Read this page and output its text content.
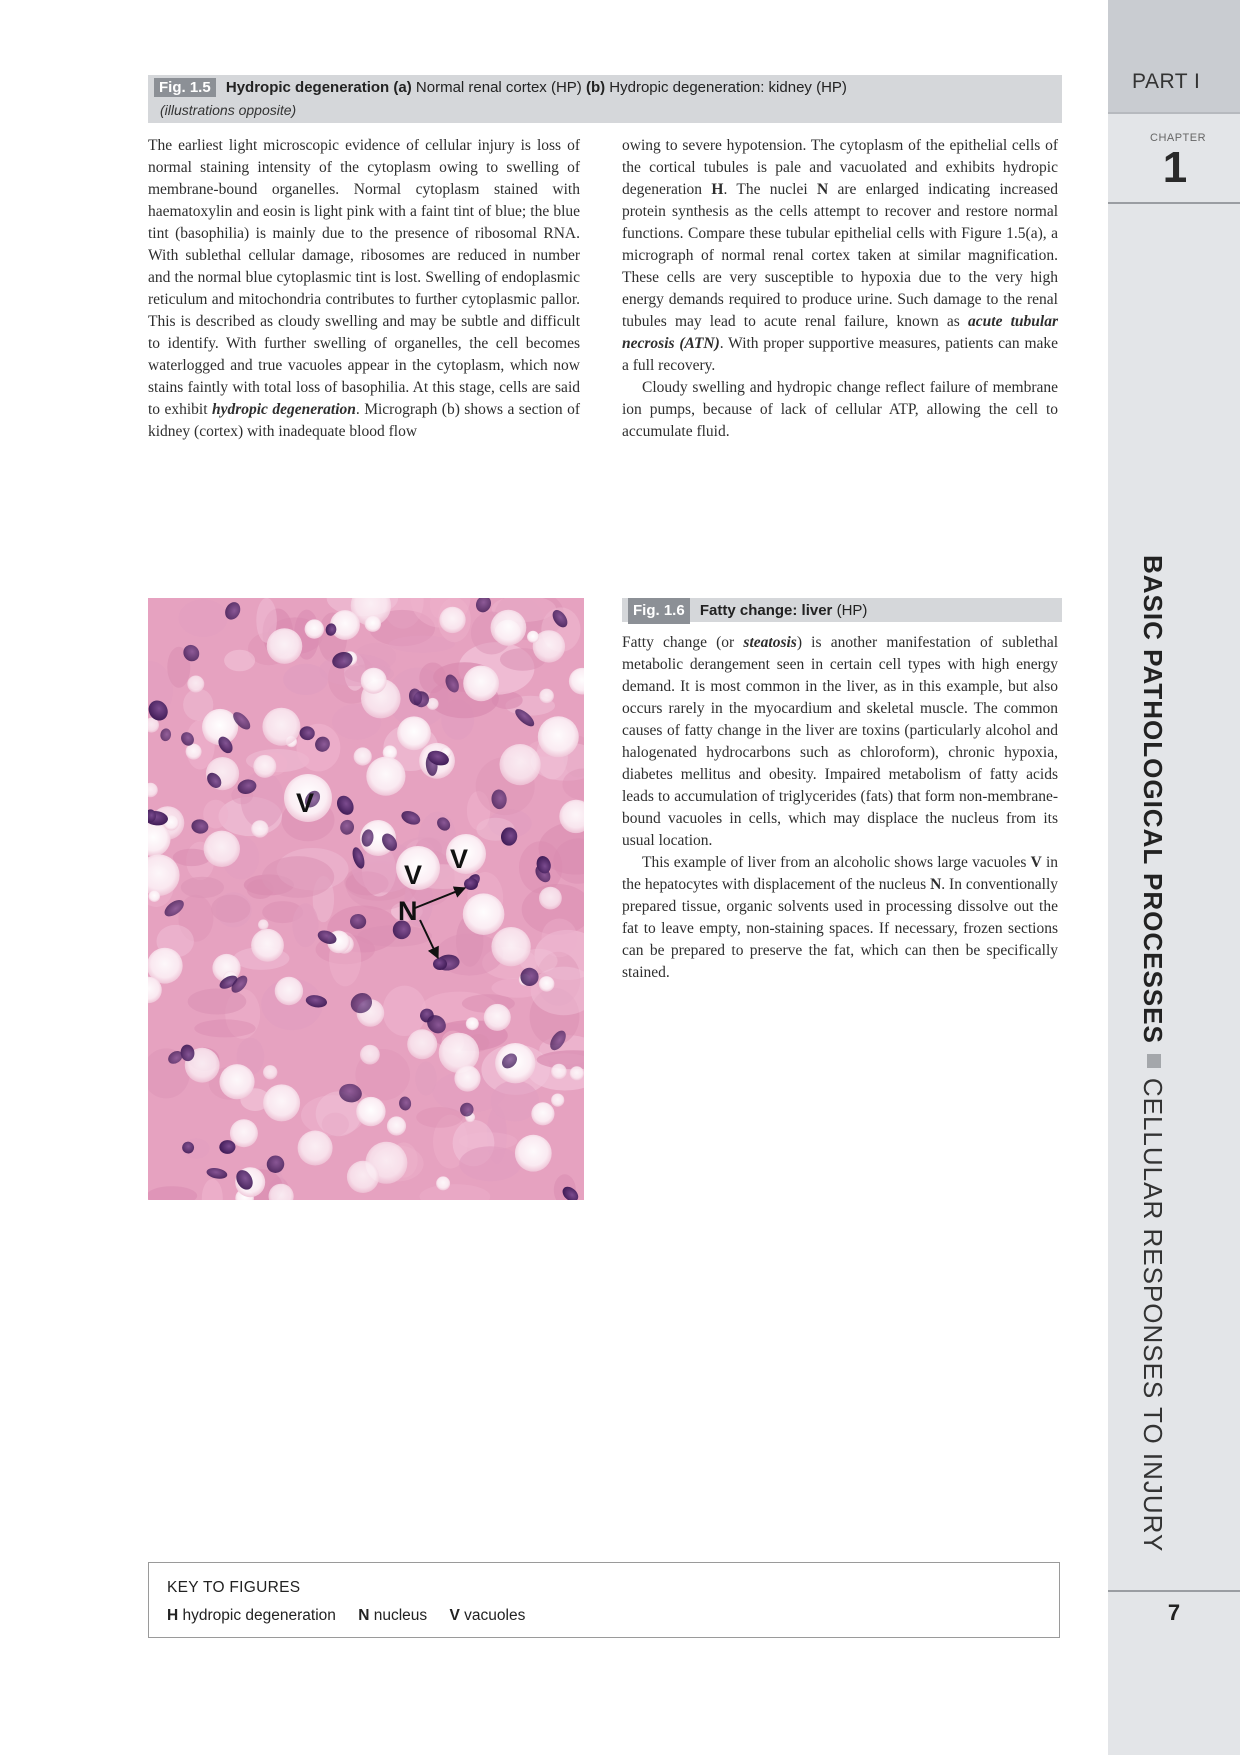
PART I
CHAPTER
1
BASIC PATHOLOGICAL PROCESSESCELLULAR RESPONSES TO INJURY
7
Fig. 1.5 Hydropic degeneration (a) Normal renal cortex (HP) (b) Hydropic degeneration: kidney (HP)
(illustrations opposite)

The earliest light microscopic evidence of cellular injury is loss of normal staining intensity of the cytoplasm owing to swelling of membrane-bound organelles. Normal cytoplasm stained with haematoxylin and eosin is light pink with a faint tint of blue; the blue tint (basophilia) is mainly due to the presence of ribosomal RNA. With sublethal cellular damage, ribosomes are reduced in number and the normal blue cytoplasmic tint is lost. Swelling of endoplasmic reticulum and mitochondria contributes to further cytoplasmic pallor. This is described as cloudy swelling and may be subtle and difficult to identify. With further swelling of organelles, the cell becomes waterlogged and true vacuoles appear in the cytoplasm, which now stains faintly with total loss of basophilia. At this stage, cells are said to exhibit hydropic degeneration. Micrograph (b) shows a section of kidney (cortex) with inadequate blood flow

owing to severe hypotension. The cytoplasm of the epithelial cells of the cortical tubules is pale and vacuolated and exhibits hydropic degeneration H. The nuclei N are enlarged indicating increased protein synthesis as the cells attempt to recover and restore normal functions. Compare these tubular epithelial cells with Figure 1.5(a), a micrograph of normal renal cortex taken at similar magnification. These cells are very susceptible to hypoxia due to the very high energy demands required to produce urine. Such damage to the renal tubules may lead to acute renal failure, known as acute tubular necrosis (ATN). With proper supportive measures, patients can make a full recovery.

Cloudy swelling and hydropic change reflect failure of membrane ion pumps, because of lack of cellular ATP, allowing the cell to accumulate fluid.

V
V
V
N
Fig. 1.6 Fatty change: liver (HP)

Fatty change (or steatosis) is another manifestation of sublethal metabolic derangement seen in certain cell types with high energy demand. It is most common in the liver, as in this example, but also occurs rarely in the myocardium and skeletal muscle. The common causes of fatty change in the liver are toxins (particularly alcohol and halogenated hydrocarbons such as chloroform), chronic hypoxia, diabetes mellitus and obesity. Impaired metabolism of fatty acids leads to accumulation of triglycerides (fats) that form non-membrane-bound vacuoles in cells, which may displace the nucleus from its usual location.

This example of liver from an alcoholic shows large vacuoles V in the hepatocytes with displacement of the nucleus N. In conventionally prepared tissue, organic solvents used in processing dissolve out the fat to leave empty, non-staining spaces. If necessary, frozen sections can be prepared to preserve the fat, which can then be specifically stained.

KEY TO FIGURES
H hydropic degeneration N nucleus V vacuoles
